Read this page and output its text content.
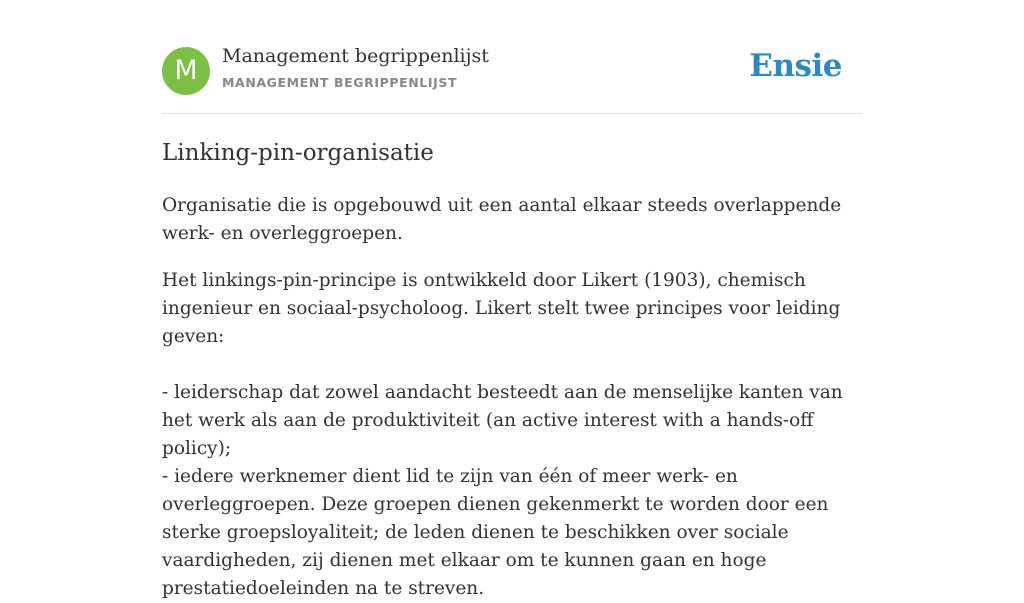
M	Management begrippenlijst
MANAGEMENT BEGRIPPENLIJST	Ensie
Linking-pin-organisatie

Organisatie die is opgebouwd uit een aantal elkaar steeds overlappende werk- en overleggroepen.

Het linkings-pin-principe is ontwikkeld door Likert (1903), chemisch ingenieur en sociaal-psycholoog. Likert stelt twee principes voor leiding geven:
- leiderschap dat zowel aandacht besteedt aan de menselijke kanten van het werk als aan de produktiviteit (an active interest with a hands-off policy);
- iedere werknemer dient lid te zijn van één of meer werk- en overleggroepen. Deze groepen dienen gekenmerkt te worden door een sterke groepsloyaliteit; de leden dienen te beschikken over sociale vaardigheden, zij dienen met elkaar om te kunnen gaan en hoge prestatiedoeleinden na te streven.
